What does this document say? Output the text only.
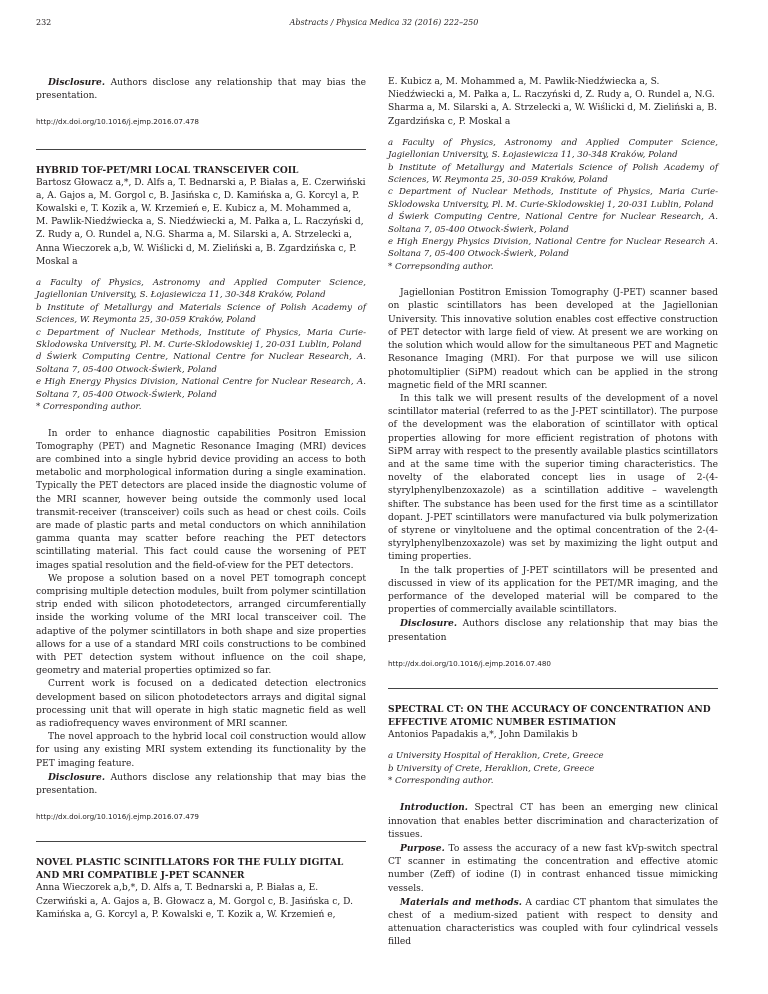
232	Abstracts / Physica Medica 32 (2016) 222–250

Disclosure. Authors disclose any relationship that may bias the presentation.

http://dx.doi.org/10.1016/j.ejmp.2016.07.478
HYBRID TOF-PET/MRI LOCAL TRANSCEIVER COIL
Bartosz Głowacz a,*, D. Alfs a, T. Bednarski a, P. Białas a, E. Czerwiński a, A. Gajos a, M. Gorgol c, B. Jasińska c, D. Kamińska a, G. Korcyl a, P. Kowalski e, T. Kozik a, W. Krzemień e, E. Kubicz a, M. Mohammed a, M. Pawlik-Niedźwiecka a, S. Niedźwiecki a, M. Pałka a, L. Raczyński d, Z. Rudy a, O. Rundel a, N.G. Sharma a, M. Silarski a, A. Strzelecki a, Anna Wieczorek a,b, W. Wiślicki d, M. Zieliński a, B. Zgardzińska c, P. Moskal a
a Faculty of Physics, Astronomy and Applied Computer Science, Jagiellonian University, S. Łojasiewicza 11, 30-348 Kraków, Poland
b Institute of Metallurgy and Materials Science of Polish Academy of Sciences, W. Reymonta 25, 30-059 Kraków, Poland
c Department of Nuclear Methods, Institute of Physics, Maria Curie-Sklodowska University, Pl. M. Curie-Sklodowskiej 1, 20-031 Lublin, Poland
d Świerk Computing Centre, National Centre for Nuclear Research, A. Soltana 7, 05-400 Otwock-Świerk, Poland
e High Energy Physics Division, National Centre for Nuclear Research, A. Soltana 7, 05-400 Otwock-Świerk, Poland
* Corresponding author.

In order to enhance diagnostic capabilities Positron Emission Tomography (PET) and Magnetic Resonance Imaging (MRI) devices are combined into a single hybrid device providing an access to both metabolic and morphological information during a single examination. Typically the PET detectors are placed inside the diagnostic volume of the MRI scanner, however being outside the commonly used local transmit-receiver (transceiver) coils such as head or chest coils. Coils are made of plastic parts and metal conductors on which annihilation gamma quanta may scatter before reaching the PET detectors scintillating material. This fact could cause the worsening of PET images spatial resolution and the field-of-view for the PET detectors.

We propose a solution based on a novel PET tomograph concept comprising multiple detection modules, built from polymer scintillation strip ended with silicon photodetectors, arranged circumferentially inside the working volume of the MRI local transceiver coil. The adaptive of the polymer scintillators in both shape and size properties allows for a use of a standard MRI coils constructions to be combined with PET detection system without influence on the coil shape, geometry and material properties optimized so far.

Current work is focused on a dedicated detection electronics development based on silicon photodetectors arrays and digital signal processing unit that will operate in high static magnetic field as well as radiofrequency waves environment of MRI scanner.

The novel approach to the hybrid local coil construction would allow for using any existing MRI system extending its functionality by the PET imaging feature.

Disclosure. Authors disclose any relationship that may bias the presentation.

http://dx.doi.org/10.1016/j.ejmp.2016.07.479
NOVEL PLASTIC SCINITLLATORS FOR THE FULLY DIGITAL AND MRI COMPATIBLE J-PET SCANNER
Anna Wieczorek a,b,*, D. Alfs a, T. Bednarski a, P. Białas a, E. Czerwiński a, A. Gajos a, B. Głowacz a, M. Gorgol c, B. Jasińska c, D. Kamińska a, G. Korcyl a, P. Kowalski e, T. Kozik a, W. Krzemień e,
E. Kubicz a, M. Mohammed a, M. Pawlik-Niedźwiecka a, S. Niedźwiecki a, M. Pałka a, L. Raczyński d, Z. Rudy a, O. Rundel a, N.G. Sharma a, M. Silarski a, A. Strzelecki a, W. Wiślicki d, M. Zieliński a, B. Zgardzińska c, P. Moskal a
a Faculty of Physics, Astronomy and Applied Computer Science, Jagiellonian University, S. Łojasiewicza 11, 30-348 Kraków, Poland
b Institute of Metallurgy and Materials Science of Polish Academy of Sciences, W. Reymonta 25, 30-059 Kraków, Poland
c Department of Nuclear Methods, Institute of Physics, Maria Curie-Sklodowska University, Pl. M. Curie-Sklodowskiej 1, 20-031 Lublin, Poland
d Świerk Computing Centre, National Centre for Nuclear Research, A. Soltana 7, 05-400 Otwock-Świerk, Poland
e High Energy Physics Division, National Centre for Nuclear Research A. Soltana 7, 05-400 Otwock-Świerk, Poland
* Correpsonding author.

Jagiellonian Postitron Emission Tomography (J-PET) scanner based on plastic scintillators has been developed at the Jagiellonian University. This innovative solution enables cost effective construction of PET detector with large field of view. At present we are working on the solution which would allow for the simultaneous PET and Magnetic Resonance Imaging (MRI). For that purpose we will use silicon photomultiplier (SiPM) readout which can be applied in the strong magnetic field of the MRI scanner.

In this talk we will present results of the development of a novel scintillator material (referred to as the J-PET scintillator). The purpose of the development was the elaboration of scintillator with optical properties allowing for more efficient registration of photons with SiPM array with respect to the presently available plastics scintillators and at the same time with the superior timing characteristics. The novelty of the elaborated concept lies in usage of 2-(4-styrylphenylbenzoxazole) as a scintillation additive – wavelength shifter. The substance has been used for the first time as a scintillator dopant. J-PET scintillators were manufactured via bulk polymerization of styrene or vinyltoluene and the optimal concentration of the 2-(4-styrylphenylbenzoxazole) was set by maximizing the light output and timing properties.

In the talk properties of J-PET scintillators will be presented and discussed in view of its application for the PET/MR imaging, and the performance of the developed material will be compared to the properties of commercially available scintillators.

Disclosure. Authors disclose any relationship that may bias the presentation

http://dx.doi.org/10.1016/j.ejmp.2016.07.480
SPECTRAL CT: ON THE ACCURACY OF CONCENTRATION AND EFFECTIVE ATOMIC NUMBER ESTIMATION
Antonios Papadakis a,*, John Damilakis b
a University Hospital of Heraklion, Crete, Greece
b University of Crete, Heraklion, Crete, Greece
* Corresponding author.

Introduction. Spectral CT has been an emerging new clinical innovation that enables better discrimination and characterization of tissues.

Purpose. To assess the accuracy of a new fast kVp-switch spectral CT scanner in estimating the concentration and effective atomic number (Zeff) of iodine (I) in contrast enhanced tissue mimicking vessels.

Materials and methods. A cardiac CT phantom that simulates the chest of a medium-sized patient with respect to density and attenuation characteristics was coupled with four cylindrical vessels filled
